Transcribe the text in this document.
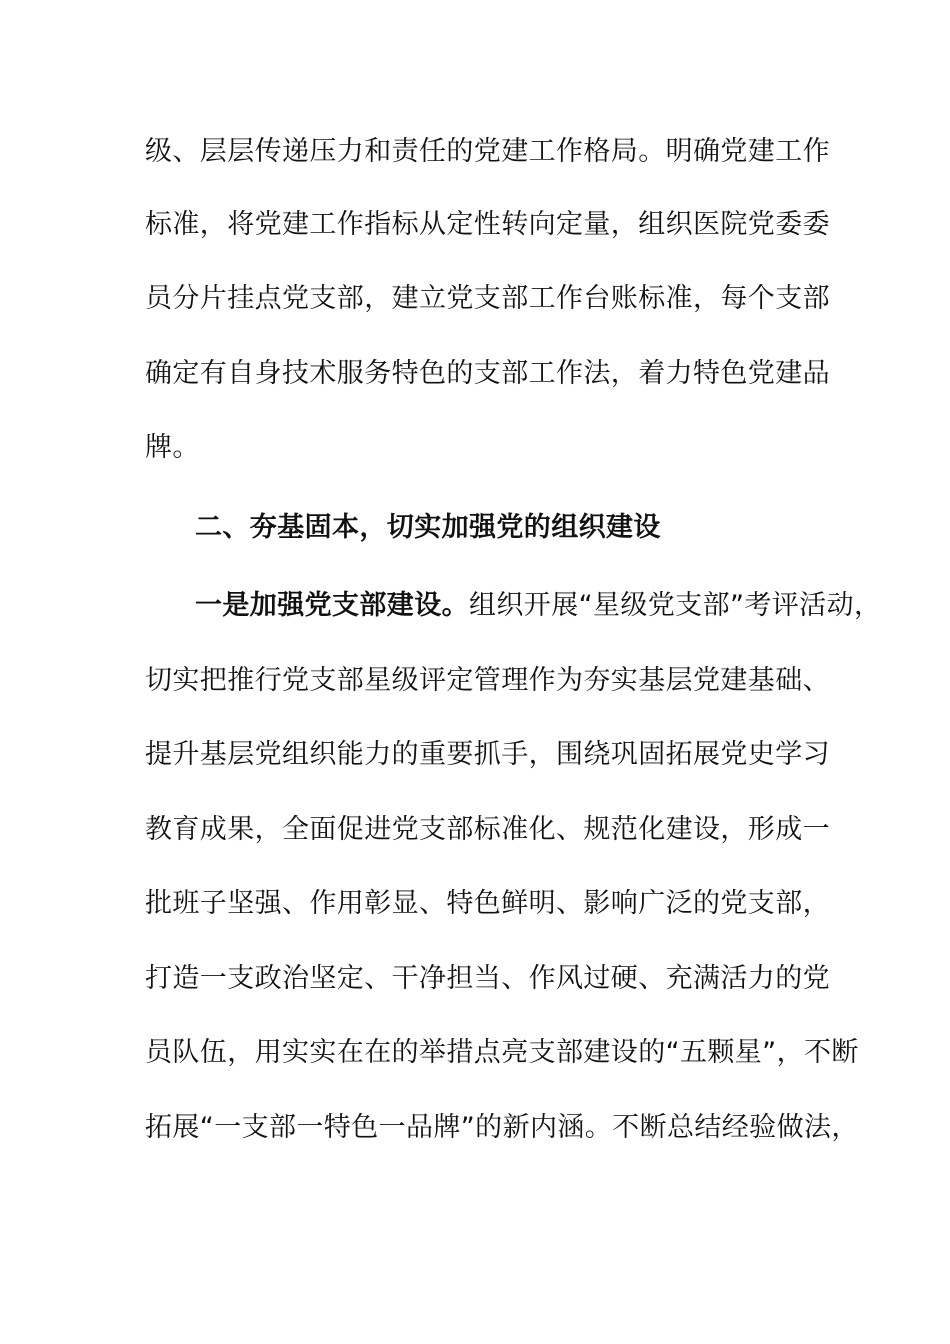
级、层层传递压力和责任的党建工作格局。明确党建工作
标准，将党建工作指标从定性转向定量，组织医院党委委
员分片挂点党支部，建立党支部工作台账标准，每个支部
确定有自身技术服务特色的支部工作法，着力特色党建品
牌。
二、夯基固本，切实加强党的组织建设
一是加强党支部建设。组织开展“星级党支部”考评活动，
切实把推行党支部星级评定管理作为夯实基层党建基础、
提升基层党组织能力的重要抓手，围绕巩固拓展党史学习
教育成果，全面促进党支部标准化、规范化建设，形成一
批班子坚强、作用彰显、特色鲜明、影响广泛的党支部，
打造一支政治坚定、干净担当、作风过硬、充满活力的党
员队伍，用实实在在的举措点亮支部建设的“五颗星”，不断
拓展“一支部一特色一品牌”的新内涵。不断总结经验做法，
